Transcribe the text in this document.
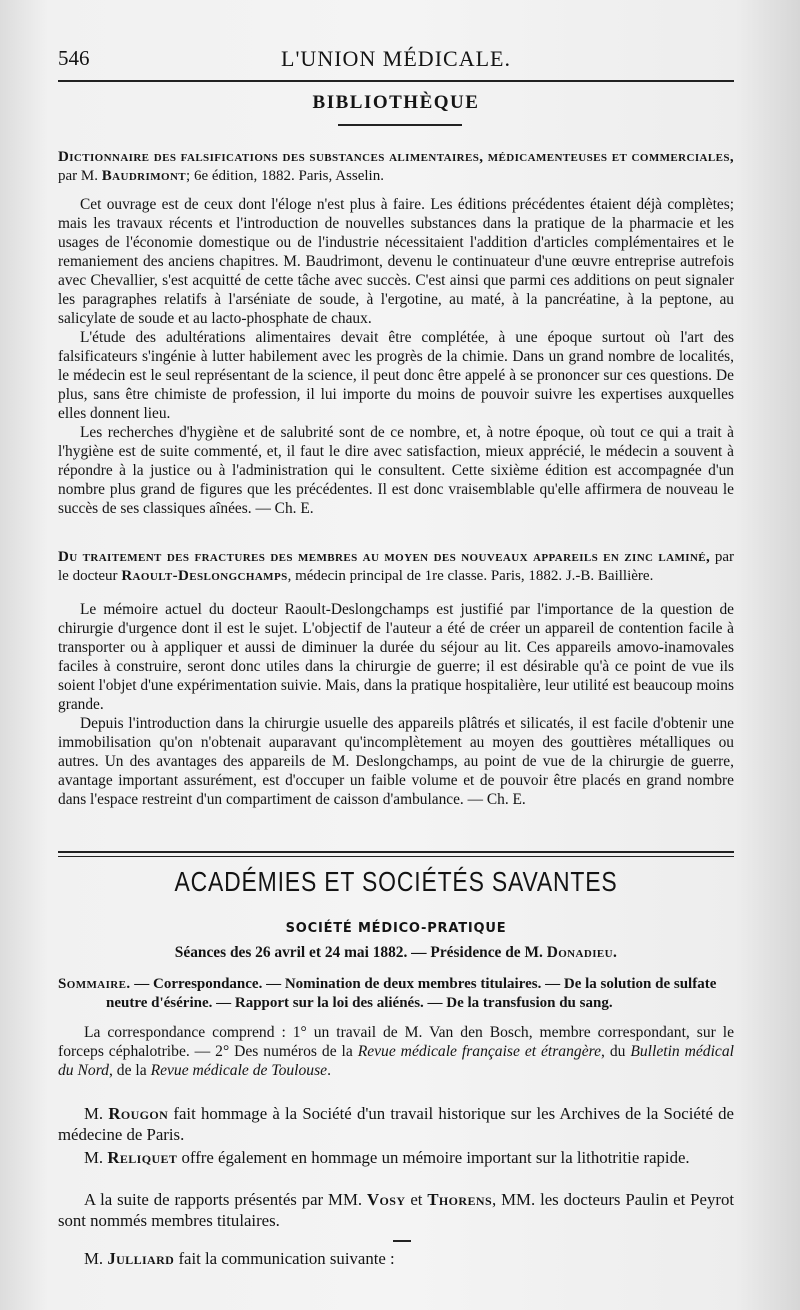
546	L'UNION MÉDICALE.
BIBLIOTHÈQUE
Dictionnaire des falsifications des substances alimentaires, médicamenteuses et commerciales, par M. Baudrimont; 6e édition, 1882. Paris, Asselin.

Cet ouvrage est de ceux dont l'éloge n'est plus à faire. Les éditions précédentes étaient déjà complètes; mais les travaux récents et l'introduction de nouvelles substances dans la pratique de la pharmacie et les usages de l'économie domestique ou de l'industrie nécessitaient l'addition d'articles complémentaires et le remaniement des anciens chapitres. M. Baudrimont, devenu le continuateur d'une œuvre entreprise autrefois avec Chevallier, s'est acquitté de cette tâche avec succès. C'est ainsi que parmi ces additions on peut signaler les paragraphes relatifs à l'arséniate de soude, à l'ergotine, au maté, à la pancréatine, à la peptone, au salicylate de soude et au lacto-phosphate de chaux.

L'étude des adultérations alimentaires devait être complétée, à une époque surtout où l'art des falsificateurs s'ingénie à lutter habilement avec les progrès de la chimie. Dans un grand nombre de localités, le médecin est le seul représentant de la science, il peut donc être appelé à se prononcer sur ces questions. De plus, sans être chimiste de profession, il lui importe du moins de pouvoir suivre les expertises auxquelles elles donnent lieu.

Les recherches d'hygiène et de salubrité sont de ce nombre, et, à notre époque, où tout ce qui a trait à l'hygiène est de suite commenté, et, il faut le dire avec satisfaction, mieux apprécié, le médecin a souvent à répondre à la justice ou à l'administration qui le consultent. Cette sixième édition est accompagnée d'un nombre plus grand de figures que les précédentes. Il est donc vraisemblable qu'elle affirmera de nouveau le succès de ses classiques aînées. — Ch. E.

Du traitement des fractures des membres au moyen des nouveaux appareils en zinc laminé, par le docteur Raoult-Deslongchamps, médecin principal de 1re classe. Paris, 1882. J.-B. Baillière.

Le mémoire actuel du docteur Raoult-Deslongchamps est justifié par l'importance de la question de chirurgie d'urgence dont il est le sujet. L'objectif de l'auteur a été de créer un appareil de contention facile à transporter ou à appliquer et aussi de diminuer la durée du séjour au lit. Ces appareils amovo-inamovales faciles à construire, seront donc utiles dans la chirurgie de guerre; il est désirable qu'à ce point de vue ils soient l'objet d'une expérimentation suivie. Mais, dans la pratique hospitalière, leur utilité est beaucoup moins grande.

Depuis l'introduction dans la chirurgie usuelle des appareils plâtrés et silicatés, il est facile d'obtenir une immobilisation qu'on n'obtenait auparavant qu'incomplètement au moyen des gouttières métalliques ou autres. Un des avantages des appareils de M. Deslongchamps, au point de vue de la chirurgie de guerre, avantage important assurément, est d'occuper un faible volume et de pouvoir être placés en grand nombre dans l'espace restreint d'un compartiment de caisson d'ambulance. — Ch. E.

ACADÉMIES ET SOCIÉTÉS SAVANTES
SOCIÉTÉ MÉDICO-PRATIQUE
Séances des 26 avril et 24 mai 1882. — Présidence de M. Donadieu.
Sommaire. — Correspondance. — Nomination de deux membres titulaires. — De la solution de sulfate
neutre d'ésérine. — Rapport sur la loi des aliénés. — De la transfusion du sang.
La correspondance comprend : 1° un travail de M. Van den Bosch, membre correspondant, sur le forceps céphalotribe. — 2° Des numéros de la Revue médicale française et étrangère, du Bulletin médical du Nord, de la Revue médicale de Toulouse.
M. Rougon fait hommage à la Société d'un travail historique sur les Archives de la Société de médecine de Paris.
M. Reliquet offre également en hommage un mémoire important sur la lithotritie rapide.
A la suite de rapports présentés par MM. Vosy et Thorens, MM. les docteurs Paulin et Peyrot sont nommés membres titulaires.
M. Julliard fait la communication suivante :
